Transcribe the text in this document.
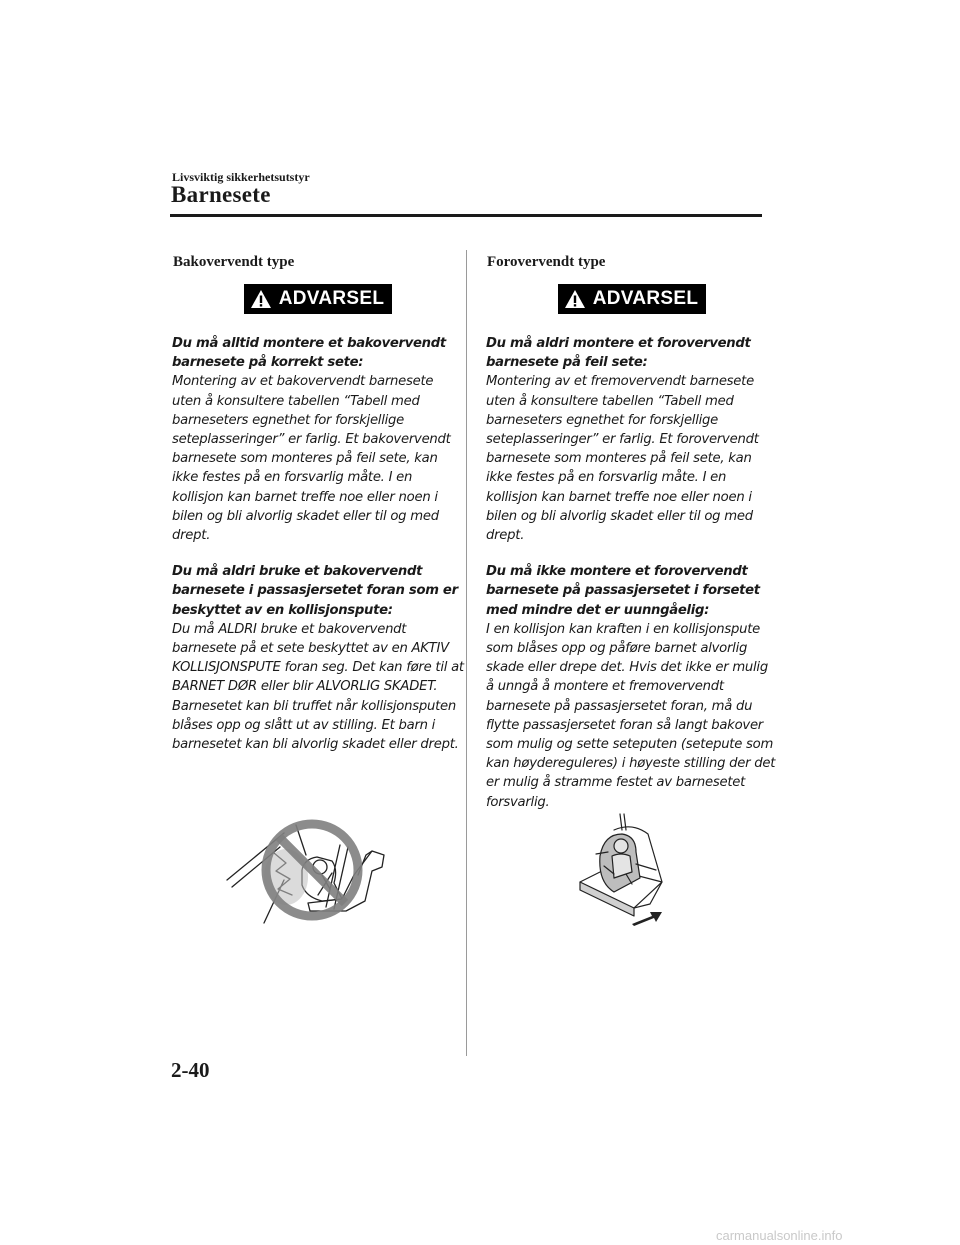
Livsviktig sikkerhetsutstyr
Barnesete
Bakovervendt type
ADVARSEL

Du må alltid montere et bakovervendt barnesete på korrekt sete:

Montering av et bakovervendt barnesete uten å konsultere tabellen “Tabell med barneseters egnethet for forskjellige seteplasseringer” er farlig. Et bakovervendt barnesete som monteres på feil sete, kan ikke festes på en forsvarlig måte. I en kollisjon kan barnet treffe noe eller noen i bilen og bli alvorlig skadet eller til og med drept.

Du må aldri bruke et bakovervendt barnesete i passasjersetet foran som er beskyttet av en kollisjonspute:

Du må ALDRI bruke et bakovervendt barnesete på et sete beskyttet av en AKTIV KOLLISJONSPUTE foran seg. Det kan føre til at BARNET DØR eller blir ALVORLIG SKADET.

Barnesetet kan bli truffet når kollisjonsputen blåses opp og slått ut av stilling. Et barn i barnesetet kan bli alvorlig skadet eller drept.

Forovervendt type
ADVARSEL

Du må aldri montere et forovervendt barnesete på feil sete:

Montering av et fremovervendt barnesete uten å konsultere tabellen “Tabell med barneseters egnethet for forskjellige seteplasseringer” er farlig. Et forovervendt barnesete som monteres på feil sete, kan ikke festes på en forsvarlig måte. I en kollisjon kan barnet treffe noe eller noen i bilen og bli alvorlig skadet eller til og med drept.

Du må ikke montere et forovervendt barnesete på passasjersetet i forsetet med mindre det er uunngåelig:

I en kollisjon kan kraften i en kollisjonspute som blåses opp og påføre barnet alvorlig skade eller drepe det. Hvis det ikke er mulig å unngå å montere et fremovervendt barnesete på passasjersetet foran, må du flytte passasjersetet foran så langt bakover som mulig og sette seteputen (setepute som kan høydereguleres) i høyeste stilling der det er mulig å stramme festet av barnesetet forsvarlig.

2-40
carmanualsonline.info
